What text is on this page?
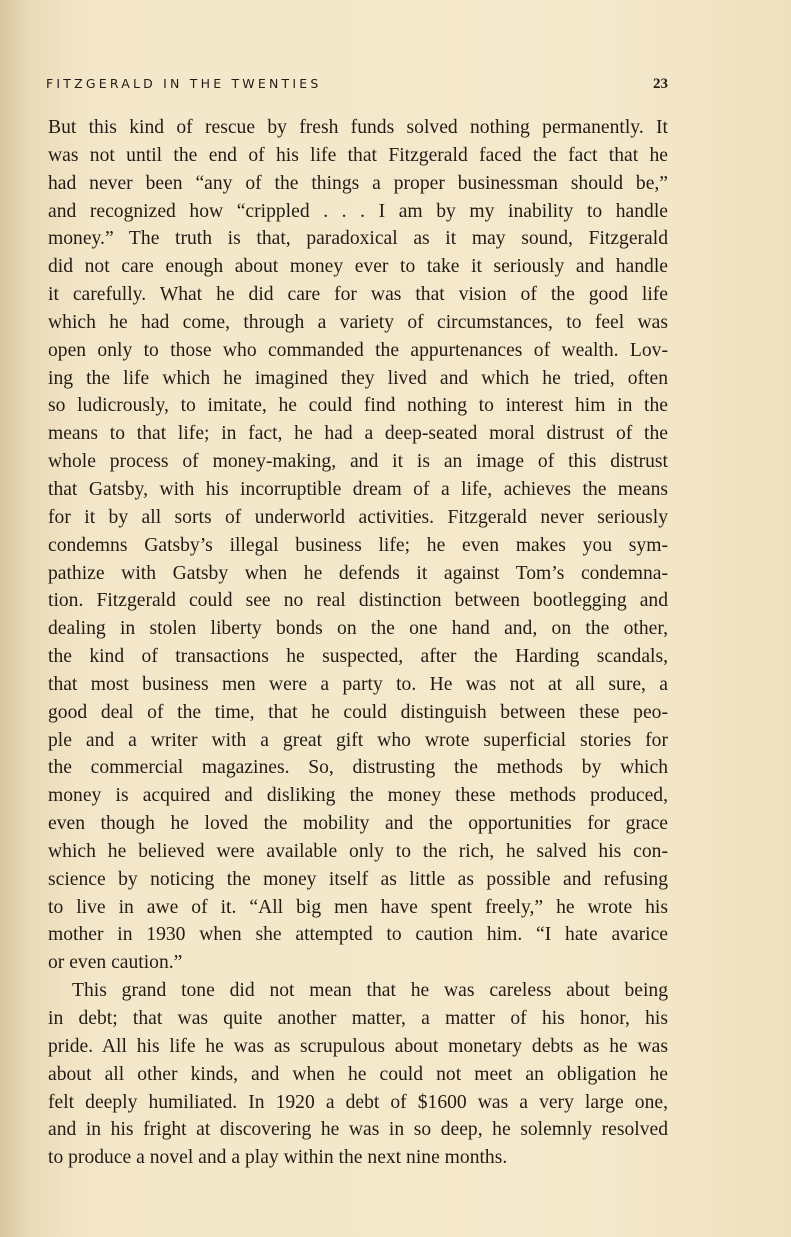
FITZGERALD IN THE TWENTIES	23
But this kind of rescue by fresh funds solved nothing permanently. It
was not until the end of his life that Fitzgerald faced the fact that he
had never been “any of the things a proper businessman should be,”
and recognized how “crippled . . . I am by my inability to handle
money.” The truth is that, paradoxical as it may sound, Fitzgerald
did not care enough about money ever to take it seriously and handle
it carefully. What he did care for was that vision of the good life
which he had come, through a variety of circumstances, to feel was
open only to those who commanded the appurtenances of wealth. Lov-
ing the life which he imagined they lived and which he tried, often
so ludicrously, to imitate, he could find nothing to interest him in the
means to that life; in fact, he had a deep-seated moral distrust of the
whole process of money-making, and it is an image of this distrust
that Gatsby, with his incorruptible dream of a life, achieves the means
for it by all sorts of underworld activities. Fitzgerald never seriously
condemns Gatsby’s illegal business life; he even makes you sym-
pathize with Gatsby when he defends it against Tom’s condemna-
tion. Fitzgerald could see no real distinction between bootlegging and
dealing in stolen liberty bonds on the one hand and, on the other,
the kind of transactions he suspected, after the Harding scandals,
that most business men were a party to. He was not at all sure, a
good deal of the time, that he could distinguish between these peo-
ple and a writer with a great gift who wrote superficial stories for
the commercial magazines. So, distrusting the methods by which
money is acquired and disliking the money these methods produced,
even though he loved the mobility and the opportunities for grace
which he believed were available only to the rich, he salved his con-
science by noticing the money itself as little as possible and refusing
to live in awe of it. “All big men have spent freely,” he wrote his
mother in 1930 when she attempted to caution him. “I hate avarice
or even caution.”
This grand tone did not mean that he was careless about being
in debt; that was quite another matter, a matter of his honor, his
pride. All his life he was as scrupulous about monetary debts as he was
about all other kinds, and when he could not meet an obligation he
felt deeply humiliated. In 1920 a debt of $1600 was a very large one,
and in his fright at discovering he was in so deep, he solemnly resolved
to produce a novel and a play within the next nine months.
